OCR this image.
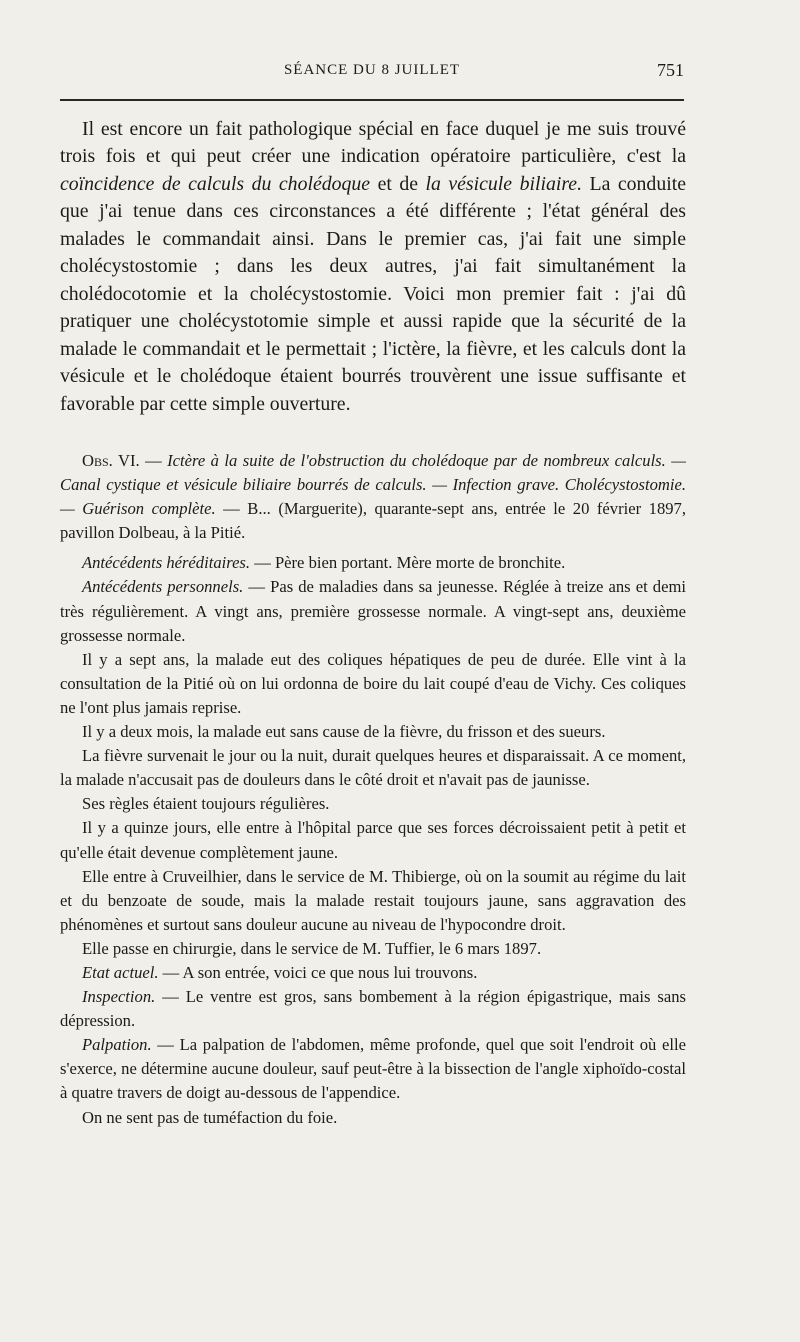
SÉANCE DU 8 JUILLET	751

Il est encore un fait pathologique spécial en face duquel je me suis trouvé trois fois et qui peut créer une indication opératoire particulière, c'est la coïncidence de calculs du cholédoque et de la vésicule biliaire. La conduite que j'ai tenue dans ces circonstances a été différente ; l'état général des malades le commandait ainsi. Dans le premier cas, j'ai fait une simple cholécystostomie ; dans les deux autres, j'ai fait simultanément la cholédocotomie et la cholécystostomie. Voici mon premier fait : j'ai dû pratiquer une cholécystotomie simple et aussi rapide que la sécurité de la malade le commandait et le permettait ; l'ictère, la fièvre, et les calculs dont la vésicule et le cholédoque étaient bourrés trouvèrent une issue suffisante et favorable par cette simple ouverture.

Obs. VI. — Ictère à la suite de l'obstruction du cholédoque par de nombreux calculs. — Canal cystique et vésicule biliaire bourrés de calculs. — Infection grave. Cholécystostomie. — Guérison complète. — B... (Marguerite), quarante-sept ans, entrée le 20 février 1897, pavillon Dolbeau, à la Pitié.

Antécédents héréditaires. — Père bien portant. Mère morte de bronchite.

Antécédents personnels. — Pas de maladies dans sa jeunesse. Réglée à treize ans et demi très régulièrement. A vingt ans, première grossesse normale. A vingt-sept ans, deuxième grossesse normale.

Il y a sept ans, la malade eut des coliques hépatiques de peu de durée. Elle vint à la consultation de la Pitié où on lui ordonna de boire du lait coupé d'eau de Vichy. Ces coliques ne l'ont plus jamais reprise.

Il y a deux mois, la malade eut sans cause de la fièvre, du frisson et des sueurs.

La fièvre survenait le jour ou la nuit, durait quelques heures et disparaissait. A ce moment, la malade n'accusait pas de douleurs dans le côté droit et n'avait pas de jaunisse.

Ses règles étaient toujours régulières.

Il y a quinze jours, elle entre à l'hôpital parce que ses forces décroissaient petit à petit et qu'elle était devenue complètement jaune.

Elle entre à Cruveilhier, dans le service de M. Thibierge, où on la soumit au régime du lait et du benzoate de soude, mais la malade restait toujours jaune, sans aggravation des phénomènes et surtout sans douleur aucune au niveau de l'hypocondre droit.

Elle passe en chirurgie, dans le service de M. Tuffier, le 6 mars 1897.

Etat actuel. — A son entrée, voici ce que nous lui trouvons.

Inspection. — Le ventre est gros, sans bombement à la région épigastrique, mais sans dépression.

Palpation. — La palpation de l'abdomen, même profonde, quel que soit l'endroit où elle s'exerce, ne détermine aucune douleur, sauf peut-être à la bissection de l'angle xiphoïdo-costal à quatre travers de doigt au-dessous de l'appendice.

On ne sent pas de tuméfaction du foie.
